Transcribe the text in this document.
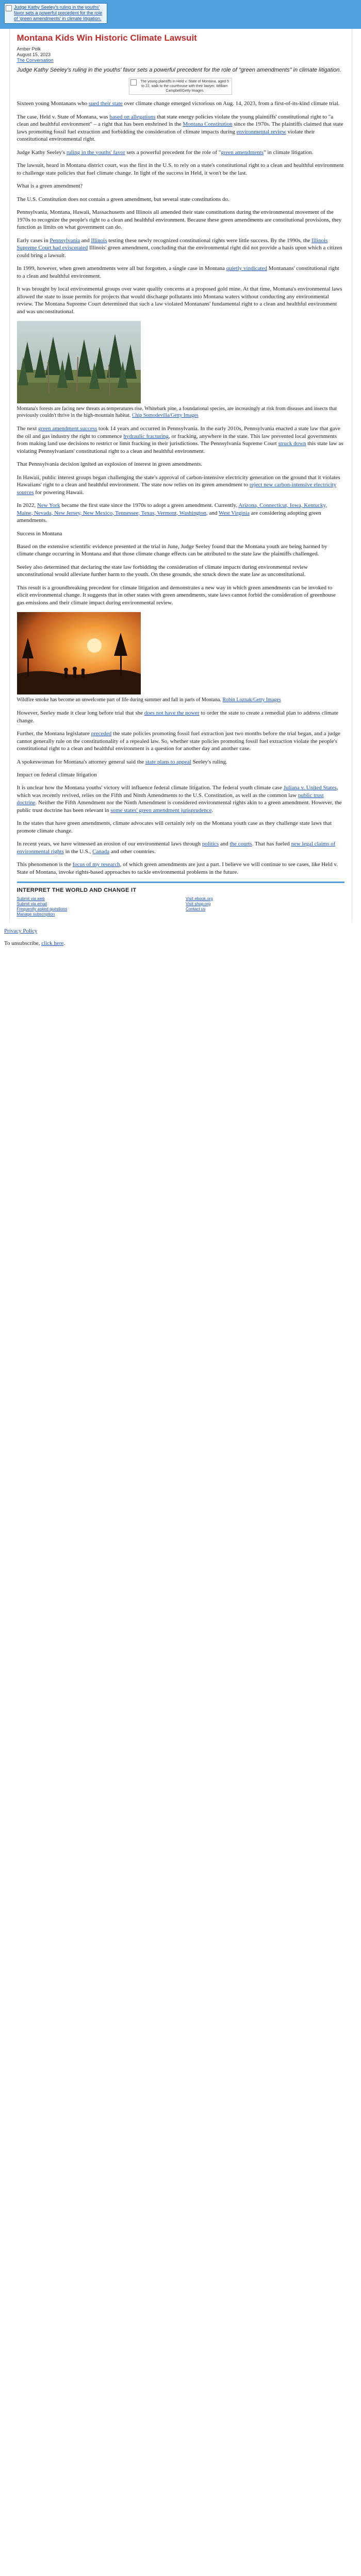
Judge Kathy Seeley's ruling in the youths' favor sets a powerful precedent for the role of 'green amendments' in climate litigation.
Montana Kids Win Historic Climate Lawsuit
Amber Polk
August 15, 2023
The Conversation
Judge Kathy Seeley's ruling in the youths' favor sets a powerful precedent for the role of "green amendments" in climate litigation.
The young plaintiffs in Held v. State of Montana, aged 5 to 22, walk to the courthouse with their lawyer. William Campbell/Getty Images

Sixteen young Montanans who sued their state over climate change emerged victorious on Aug. 14, 2023, from a first-of-its-kind climate trial.

The case, Held v. State of Montana, was based on allegations that state energy policies violate the young plaintiffs' constitutional right to "a clean and healthful environment" – a right that has been enshrined in the Montana Constitution since the 1970s. The plaintiffs claimed that state laws promoting fossil fuel extraction and forbidding the consideration of climate impacts during environmental review violate their constitutional environmental right.

Judge Kathy Seeley's ruling in the youths' favor sets a powerful precedent for the role of "green amendments" in climate litigation.

The lawsuit, heard in Montana district court, was the first in the U.S. to rely on a state's constitutional right to a clean and healthful environment to challenge state policies that fuel climate change. In light of the success in Held, it won't be the last.

What is a green amendment?

The U.S. Constitution does not contain a green amendment, but several state constitutions do.

Pennsylvania, Montana, Hawaii, Massachusetts and Illinois all amended their state constitutions during the environmental movement of the 1970s to recognize the people's right to a clean and healthful environment. Because these green amendments are constitutional provisions, they function as limits on what government can do.

Early cases in Pennsylvania and Illinois testing these newly recognized constitutional rights were little success. By the 1990s, the Illinois Supreme Court had eviscerated Illinois' green amendment, concluding that the environmental right did not provide a basis upon which a citizen could bring a lawsuit.

In 1999, however, when green amendments were all but forgotten, a single case in Montana quietly vindicated Montanans' constitutional right to a clean and healthful environment.

It was brought by local environmental groups over water quality concerns at a proposed gold mine. At that time, Montana's environmental laws allowed the state to issue permits for projects that would discharge pollutants into Montana waters without conducting any environmental review. The Montana Supreme Court determined that such a law violated Montanans' fundamental right to a clean and healthful environment and was unconstitutional.

Montana's forests are facing new threats as temperatures rise. Whitebark pine, a foundational species, are increasingly at risk from diseases and insects that previously couldn't thrive in the high-mountain habitat. Chip Somodevilla/Getty Images

The next green amendment success took 14 years and occurred in Pennsylvania. In the early 2010s, Pennsylvania enacted a state law that gave the oil and gas industry the right to commence hydraulic fracturing, or fracking, anywhere in the state. This law prevented local governments from making land use decisions to restrict or limit fracking in their jurisdictions. The Pennsylvania Supreme Court struck down this state law as violating Pennsylvanians' constitutional right to a clean and healthful environment.

That Pennsylvania decision ignited an explosion of interest in green amendments.

In Hawaii, public interest groups began challenging the state's approval of carbon-intensive electricity generation on the ground that it violates Hawaiians' right to a clean and healthful environment. The state now relies on its green amendment to reject new carbon-intensive electricity sources for powering Hawaii.

In 2022, New York became the first state since the 1970s to adopt a green amendment. Currently, Arizona, Connecticut, Iowa, Kentucky, Maine, Nevada, New Jersey, New Mexico, Tennessee, Texas, Vermont, Washington, and West Virginia are considering adopting green amendments.

Success in Montana

Based on the extensive scientific evidence presented at the trial in June, Judge Seeley found that the Montana youth are being harmed by climate change occurring in Montana and that those climate change effects can be attributed to the state law the plaintiffs challenged.

Seeley also determined that declaring the state law forbidding the consideration of climate impacts during environmental review unconstitutional would alleviate further harm to the youth. On these grounds, she struck down the state law as unconstitutional.

This result is a groundbreaking precedent for climate litigation and demonstrates a new way in which green amendments can be invoked to elicit environmental change. It suggests that in other states with green amendments, state laws cannot forbid the consideration of greenhouse gas emissions and their climate impact during environmental review.

Wildfire smoke has become an unwelcome part of life during summer and fall in parts of Montana. Robin Loznak/Getty Images

However, Seeley made it clear long before trial that she does not have the power to order the state to create a remedial plan to address climate change.

Further, the Montana legislature preceded the state policies promoting fossil fuel extraction just two months before the trial began, and a judge cannot generally rule on the constitutionality of a repealed law. So, whether state policies promoting fossil fuel extraction violate the people's constitutional right to a clean and healthful environment is a question for another day and another case.

A spokeswoman for Montana's attorney general said the state plans to appeal Seeley's ruling.

Impact on federal climate litigation

It is unclear how the Montana youths' victory will influence federal climate litigation. The federal youth climate case Juliana v. United States, which was recently revived, relies on the Fifth and Ninth Amendments to the U.S. Constitution, as well as the common law public trust doctrine. Neither the Fifth Amendment nor the Ninth Amendment is considered environmental rights akin to a green amendment. However, the public trust doctrine has been relevant in some states' green amendment jurisprudence.

In the states that have green amendments, climate advocates will certainly rely on the Montana youth case as they challenge state laws that promote climate change.

In recent years, we have witnessed an erosion of our environmental laws through politics and the courts. That has fueled new legal claims of environmental rights in the U.S., Canada and other countries.

This phenomenon is the focus of my research, of which green amendments are just a part. I believe we will continue to see cases, like Held v. State of Montana, invoke rights-based approaches to tackle environmental problems in the future.

INTERPRET THE WORLD AND CHANGE IT
Submit via web	Visit ebook.org
Submit via email	Visit shop.org
Frequently asked questions	Contact us
Manage subscription
Privacy Policy
To unsubscribe, click here.
